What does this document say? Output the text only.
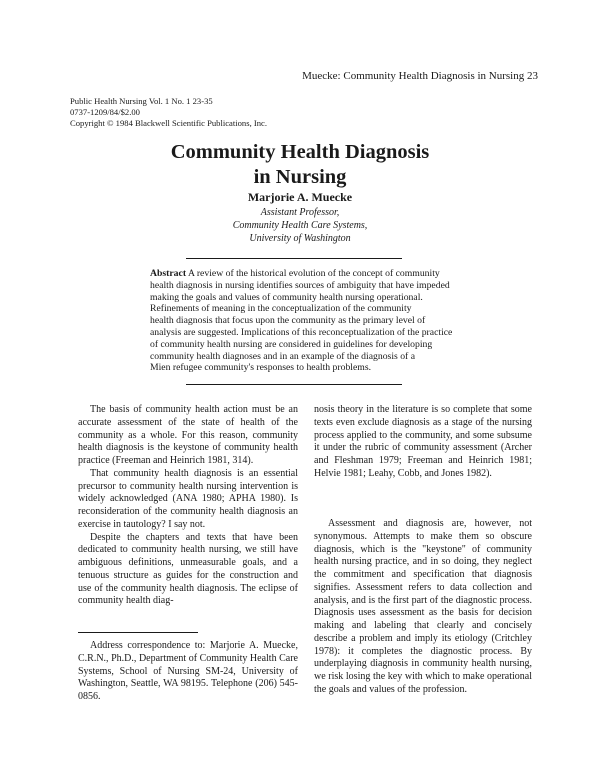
Muecke: Community Health Diagnosis in Nursing 23
Public Health Nursing Vol. 1 No. 1 23-35
0737-1209/84/$2.00
Copyright © 1984 Blackwell Scientific Publications, Inc.
Community Health Diagnosis
in Nursing
Marjorie A. Muecke
Assistant Professor,
Community Health Care Systems,
University of Washington
Abstract A review of the historical evolution of the concept of community
health diagnosis in nursing identifies sources of ambiguity that have impeded
making the goals and values of community health nursing operational.
Refinements of meaning in the conceptualization of the community
health diagnosis that focus upon the community as the primary level of
analysis are suggested. Implications of this reconceptualization of the practice
of community health nursing are considered in guidelines for developing
community health diagnoses and in an example of the diagnosis of a
Mien refugee community's responses to health problems.

The basis of community health action must be an accurate assessment of the state of health of the community as a whole. For this reason, community health diagnosis is the keystone of community health practice (Freeman and Heinrich 1981, 314).

That community health diagnosis is an essential precursor to community health nursing intervention is widely acknowledged (ANA 1980; APHA 1980). Is reconsideration of the community health diagnosis an exercise in tautology? I say not.

Despite the chapters and texts that have been dedicated to community health nursing, we still have ambiguous definitions, unmeasurable goals, and a tenuous structure as guides for the construction and use of the community health diagnosis. The eclipse of community health diag-

nosis theory in the literature is so complete that some texts even exclude diagnosis as a stage of the nursing process applied to the community, and some subsume it under the rubric of community assessment (Archer and Fleshman 1979; Freeman and Heinrich 1981; Helvie 1981; Leahy, Cobb, and Jones 1982).

Assessment and diagnosis are, however, not synonymous. Attempts to make them so obscure diagnosis, which is the "keystone" of community health nursing practice, and in so doing, they neglect the commitment and specification that diagnosis signifies. Assessment refers to data collection and analysis, and is the first part of the diagnostic process. Diagnosis uses assessment as the basis for decision making and labeling that clearly and concisely describe a problem and imply its etiology (Critchley 1978): it completes the diagnostic process. By underplaying diagnosis in community health nursing, we risk losing the key with which to make operational the goals and values of the profession.

Address correspondence to: Marjorie A. Muecke, C.R.N., Ph.D., Department of Community Health Care Systems, School of Nursing SM-24, University of Washington, Seattle, WA 98195. Telephone (206) 545-0856.
